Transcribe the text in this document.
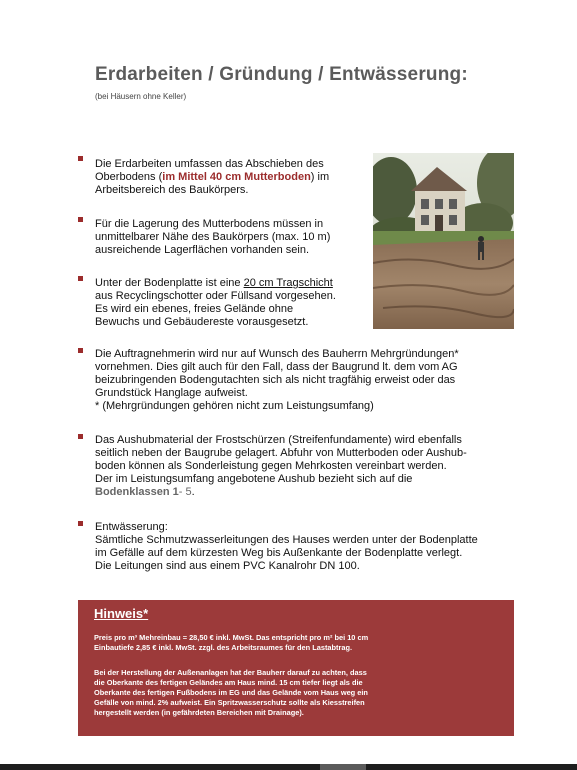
Erdarbeiten / Gründung / Entwässerung:
(bei Häusern ohne Keller)
Die Erdarbeiten umfassen das Abschieben des
Oberbodens (im Mittel 40 cm Mutterboden) im
Arbeitsbereich des Baukörpers.
Für die Lagerung des Mutterbodens müssen in
unmittelbarer Nähe des Baukörpers (max. 10 m)
ausreichende Lagerflächen vorhanden sein.
Unter der Bodenplatte ist eine 20 cm Tragschicht
aus Recyclingschotter oder Füllsand vorgesehen.
Es wird ein ebenes, freies Gelände ohne
Bewuchs und Gebäudereste vorausgesetzt.
Die Auftragnehmerin wird nur auf Wunsch des Bauherrn Mehrgründungen*
vornehmen. Dies gilt auch für den Fall, dass der Baugrund lt. dem vom AG
beizubringenden Bodengutachten sich als nicht tragfähig erweist oder das
Grundstück Hanglage aufweist.
* (Mehrgründungen gehören nicht zum Leistungsumfang)
Das Aushubmaterial der Frostschürzen (Streifenfundamente) wird ebenfalls
seitlich neben der Baugrube gelagert. Abfuhr von Mutterboden oder Aushub-
boden können als Sonderleistung gegen Mehrkosten vereinbart werden.
Der im Leistungsumfang angebotene Aushub bezieht sich auf die
Bodenklassen 1- 5.
Entwässerung:
Sämtliche Schmutzwasserleitungen des Hauses werden unter der Bodenplatte
im Gefälle auf dem kürzesten Weg bis Außenkante der Bodenplatte verlegt.
Die Leitungen sind aus einem PVC Kanalrohr DN 100.
Hinweis*
Preis pro m³ Mehreinbau = 28,50 € inkl. MwSt. Das entspricht pro m² bei 10 cm
Einbautiefe 2,85 € inkl. MwSt. zzgl. des Arbeitsraumes für den Lastabtrag.
Bei der Herstellung der Außenanlagen hat der Bauherr darauf zu achten, dass
die Oberkante des fertigen Geländes am Haus mind. 15 cm tiefer liegt als die
Oberkante des fertigen Fußbodens im EG und das Gelände vom Haus weg ein
Gefälle von mind. 2% aufweist. Ein Spritzwasserschutz sollte als Kiesstreifen
hergestellt werden (in gefährdeten Bereichen mit Drainage).
